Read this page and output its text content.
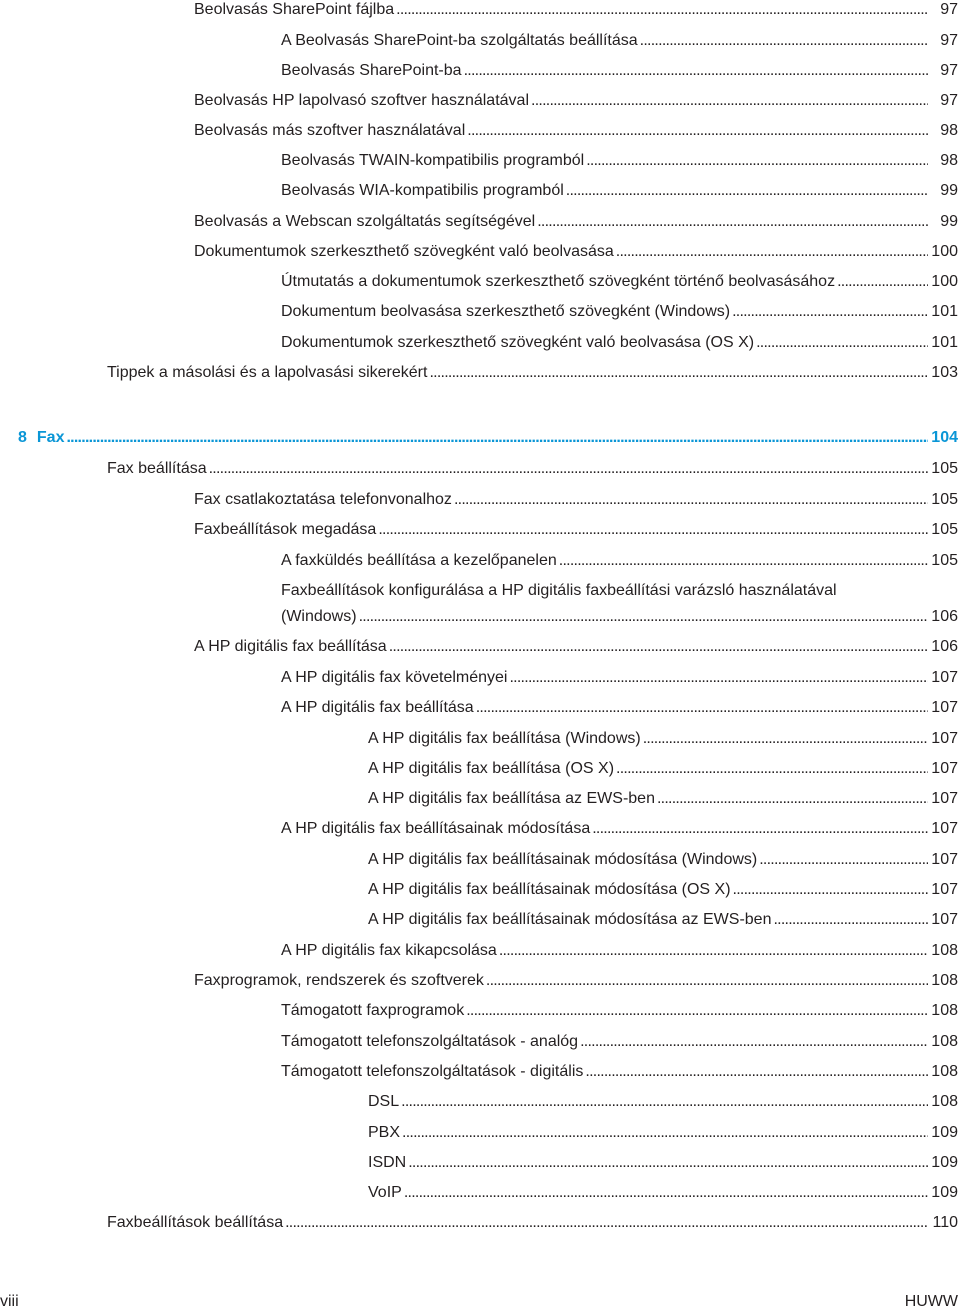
Beolvasás SharePoint fájlba . . .	97
A Beolvasás SharePoint-ba szolgáltatás beállítása . . .	97
Beolvasás SharePoint-ba . . .	97
Beolvasás HP lapolvasó szoftver használatával . . .	97
Beolvasás más szoftver használatával . . .	98
Beolvasás TWAIN-kompatibilis programból . . .	98
Beolvasás WIA-kompatibilis programból . . .	99
Beolvasás a Webscan szolgáltatás segítségével . . .	99
Dokumentumok szerkeszthető szövegként való beolvasása . . .	100
Útmutatás a dokumentumok szerkeszthető szövegként történő beolvasásához . . .	100
Dokumentum beolvasása szerkeszthető szövegként (Windows) . . .	101
Dokumentumok szerkeszthető szövegként való beolvasása (OS X) . . .	101
Tippek a másolási és a lapolvasási sikerekért . . .	103
8 Fax . . .	104
Fax beállítása . . .	105
Fax csatlakoztatása telefonvonalhoz . . .	105
Faxbeállítások megadása . . .	105
A faxküldés beállítása a kezelőpanelen . . .	105
Faxbeállítások konfigurálása a HP digitális faxbeállítási varázsló használatával
(Windows) . . .	106
A HP digitális fax beállítása . . .	106
A HP digitális fax követelményei . . .	107
A HP digitális fax beállítása . . .	107
A HP digitális fax beállítása (Windows) . . .	107
A HP digitális fax beállítása (OS X) . . .	107
A HP digitális fax beállítása az EWS-ben . . .	107
A HP digitális fax beállításainak módosítása . . .	107
A HP digitális fax beállításainak módosítása (Windows) . . .	107
A HP digitális fax beállításainak módosítása (OS X) . . .	107
A HP digitális fax beállításainak módosítása az EWS-ben . . .	107
A HP digitális fax kikapcsolása . . .	108
Faxprogramok, rendszerek és szoftverek . . .	108
Támogatott faxprogramok . . .	108
Támogatott telefonszolgáltatások - analóg . . .	108
Támogatott telefonszolgáltatások - digitális . . .	108
DSL . . .	108
PBX . . .	109
ISDN . . .	109
VoIP . . .	109
Faxbeállítások beállítása . . .	110
viii	HUWW
